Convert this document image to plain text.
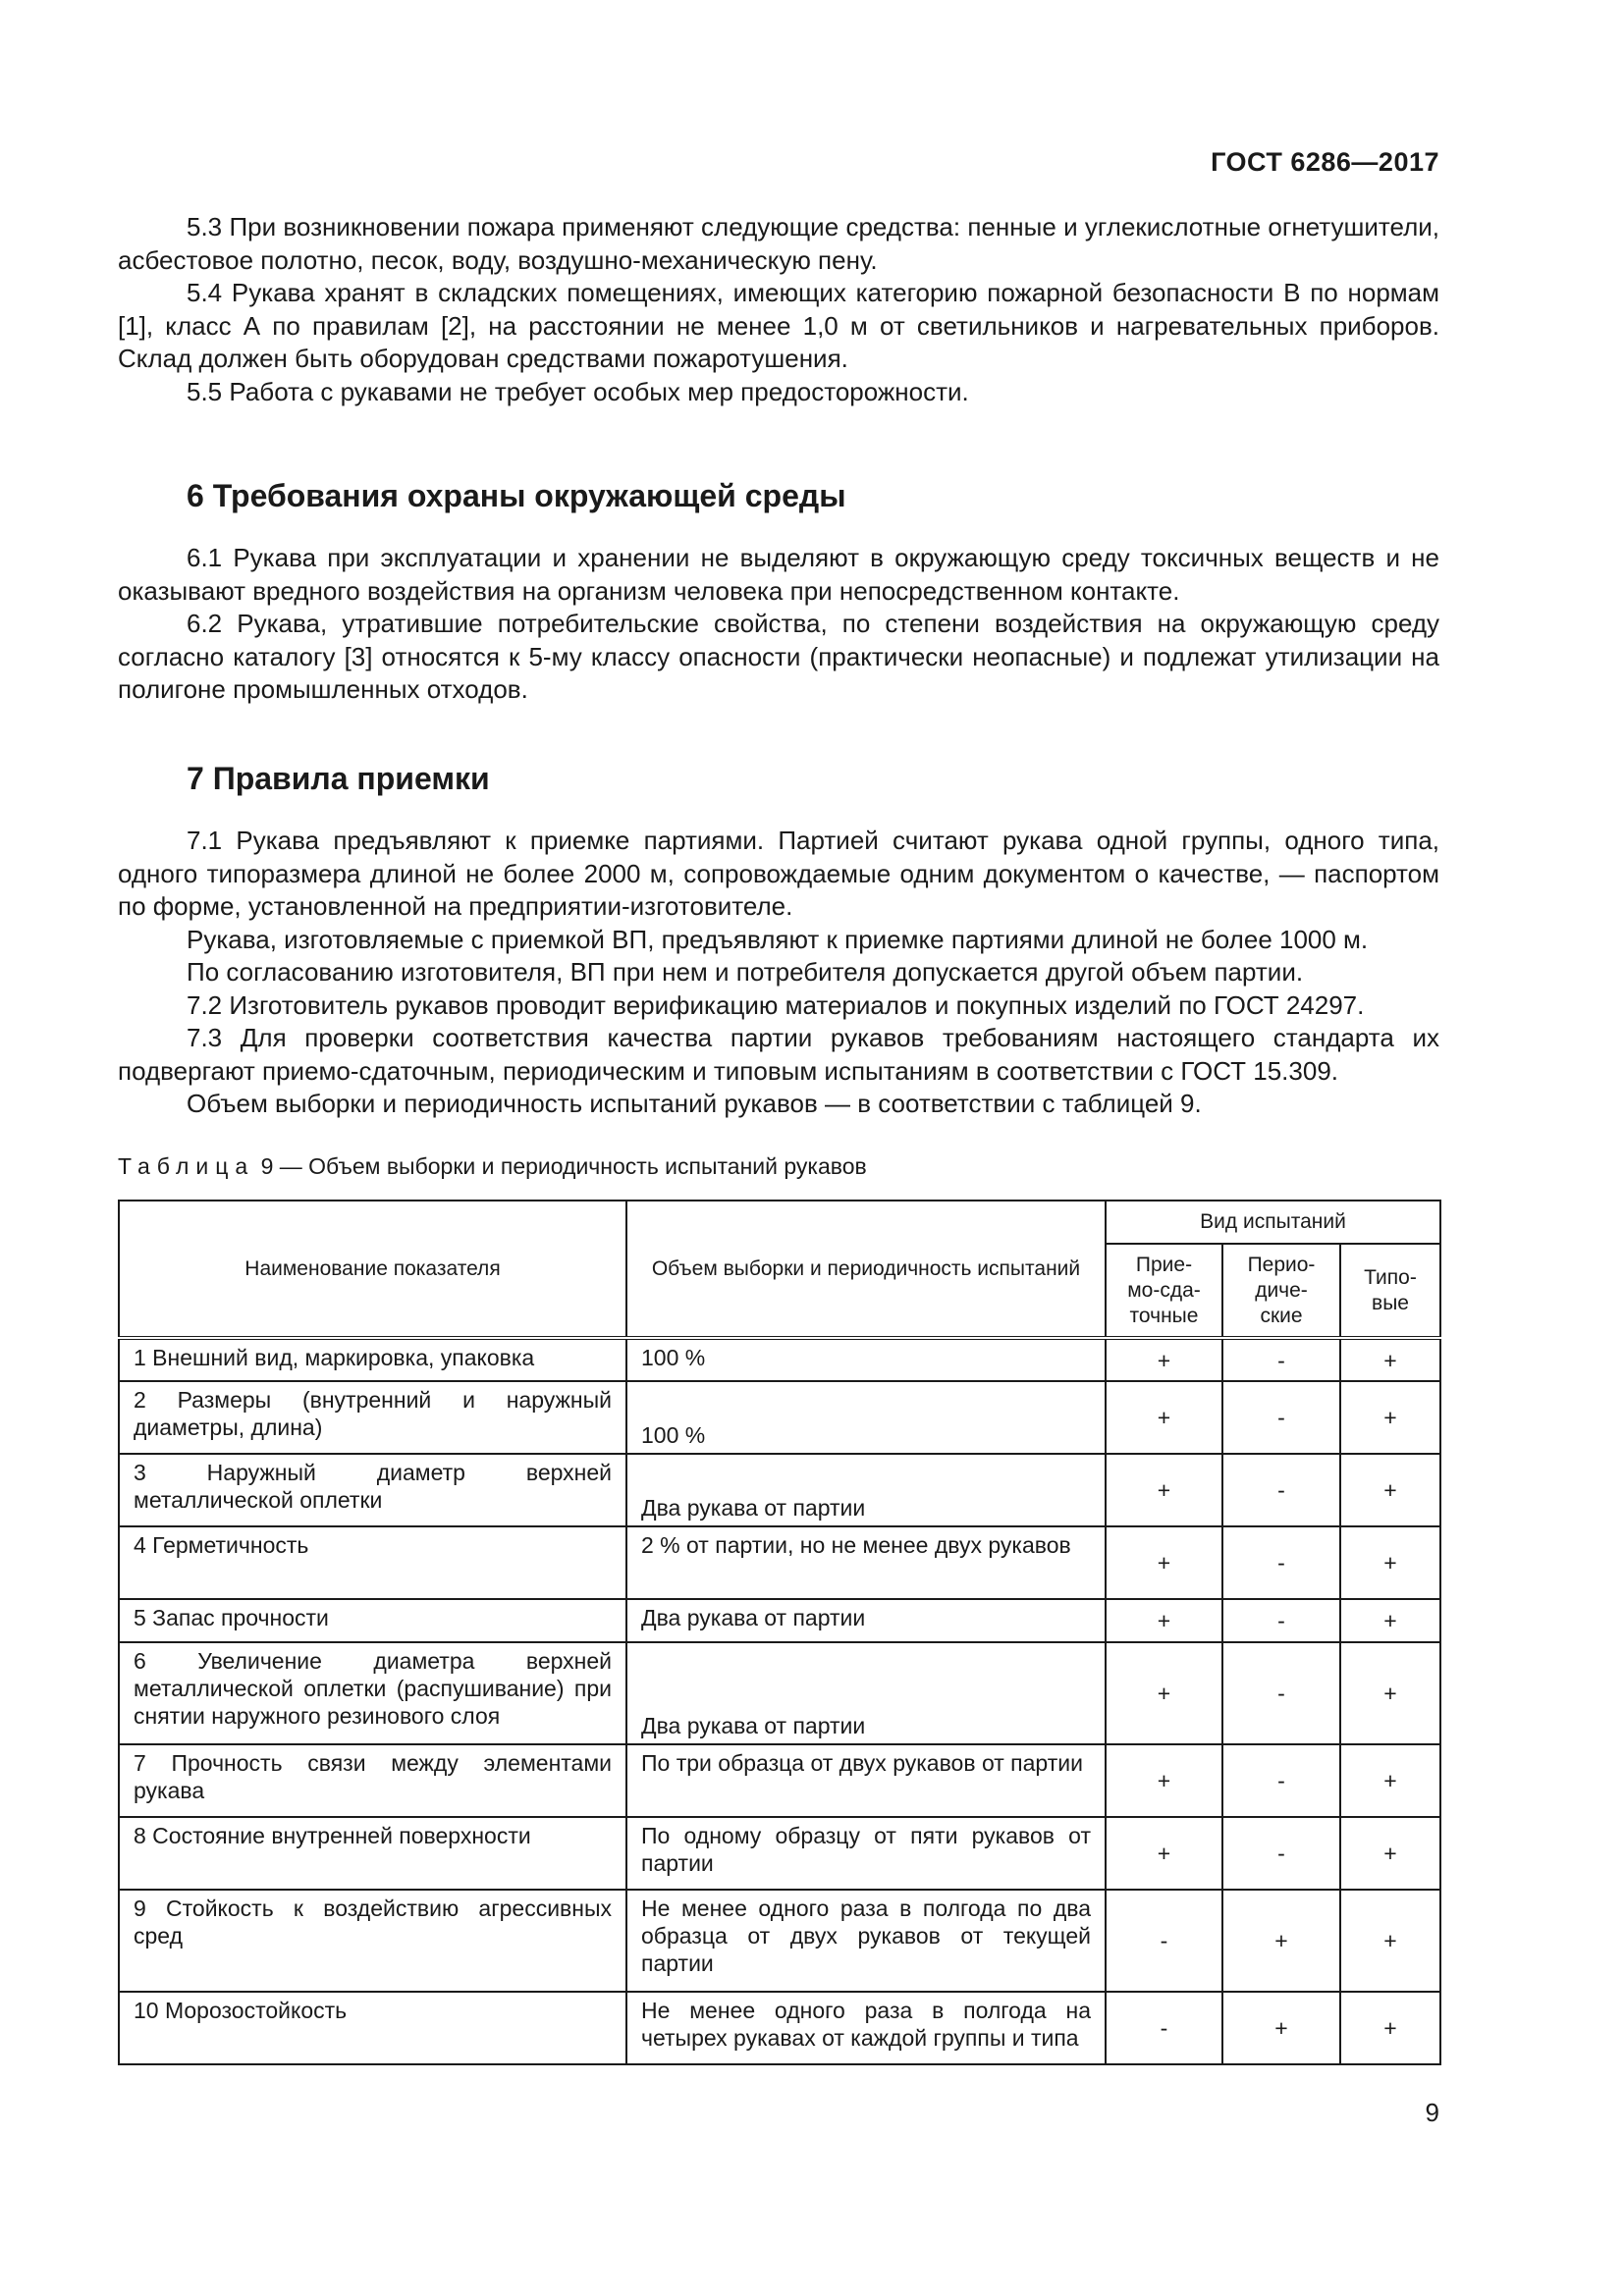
ГОСТ 6286—2017

5.3 При возникновении пожара применяют следующие средства: пенные и углекислотные огнетушители, асбестовое полотно, песок, воду, воздушно-механическую пену.

5.4 Рукава хранят в складских помещениях, имеющих категорию пожарной безопасности В по нормам [1], класс А по правилам [2], на расстоянии не менее 1,0 м от светильников и нагревательных приборов. Склад должен быть оборудован средствами пожаротушения.

5.5 Работа с рукавами не требует особых мер предосторожности.

6 Требования охраны окружающей среды

6.1 Рукава при эксплуатации и хранении не выделяют в окружающую среду токсичных веществ и не оказывают вредного воздействия на организм человека при непосредственном контакте.

6.2 Рукава, утратившие потребительские свойства, по степени воздействия на окружающую среду согласно каталогу [3] относятся к 5-му классу опасности (практически неопасные) и подлежат утилизации на полигоне промышленных отходов.

7 Правила приемки

7.1 Рукава предъявляют к приемке партиями. Партией считают рукава одной группы, одного типа, одного типоразмера длиной не более 2000 м, сопровождаемые одним документом о качестве, — паспортом по форме, установленной на предприятии-изготовителе.

Рукава, изготовляемые с приемкой ВП, предъявляют к приемке партиями длиной не более 1000 м.

По согласованию изготовителя, ВП при нем и потребителя допускается другой объем партии.

7.2 Изготовитель рукавов проводит верификацию материалов и покупных изделий по ГОСТ 24297.

7.3 Для проверки соответствия качества партии рукавов требованиям настоящего стандарта их подвергают приемо-сдаточным, периодическим и типовым испытаниям в соответствии с ГОСТ 15.309.

Объем выборки и периодичность испытаний рукавов — в соответствии с таблицей 9.

Таблица 9 — Объем выборки и периодичность испытаний рукавов
Наименование показателя	Объем выборки и периодичность испытаний	Вид испытаний		
		Прие-мо-сда-точные	Перио-диче-ские	Типо-вые
1 Внешний вид, маркировка, упаковка	100 %	+	-	+
2 Размеры (внутренний и наружный диаметры, длина)	100 %	+	-	+
3 Наружный диаметр верхней металлической оплетки	Два рукава от партии	+	-	+
4 Герметичность	2 % от партии, но не менее двух рукавов	+	-	+
5 Запас прочности	Два рукава от партии	+	-	+
6 Увеличение диаметра верхней металлической оплетки (распушивание) при снятии наружного резинового слоя	Два рукава от партии	+	-	+
7 Прочность связи между элементами рукава	По три образца от двух рукавов от партии	+	-	+
8 Состояние внутренней поверхности	По одному образцу от пяти рукавов от партии	+	-	+
9 Стойкость к воздействию агрессивных сред	Не менее одного раза в полгода по два образца от двух рукавов от текущей партии	-	+	+
10 Морозостойкость	Не менее одного раза в полгода на четырех рукавах от каждой группы и типа	-	+	+
9
